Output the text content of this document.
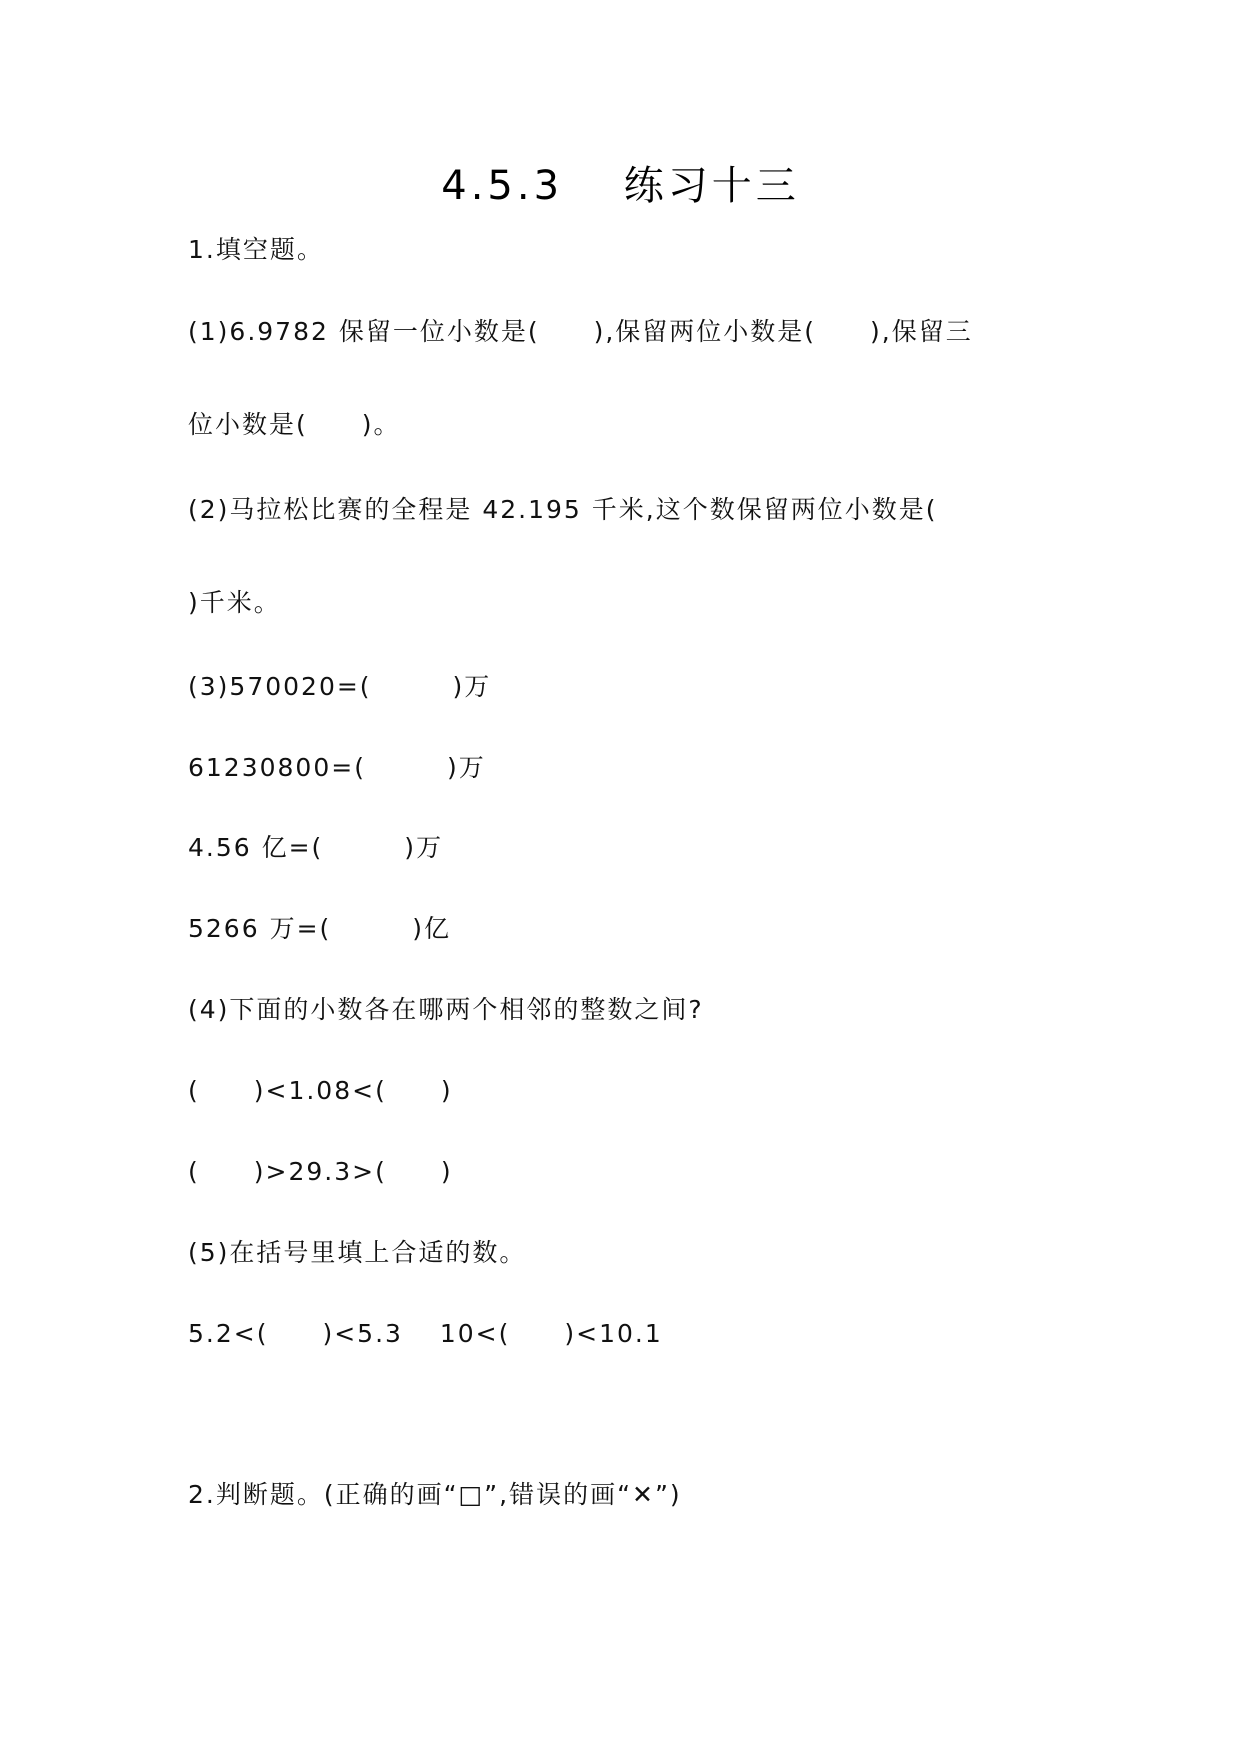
4.5.3　 练习十三
1.填空题。
(1)6.9782 保留一位小数是(　　),保留两位小数是(　　),保留三
位小数是(　　)。
(2)马拉松比赛的全程是 42.195 千米,这个数保留两位小数是(
)千米。
(3)570020=(　　　)万
61230800=(　　　)万
4.56 亿=(　　　)万
5266 万=(　　　)亿
(4)下面的小数各在哪两个相邻的整数之间?
(　　)<1.08<(　　)
(　　)>29.3>(　　)
(5)在括号里填上合适的数。
5.2<(　　)<5.3　 10<(　　)<10.1
2.判断题。(正确的画“□”,错误的画“✕”)
